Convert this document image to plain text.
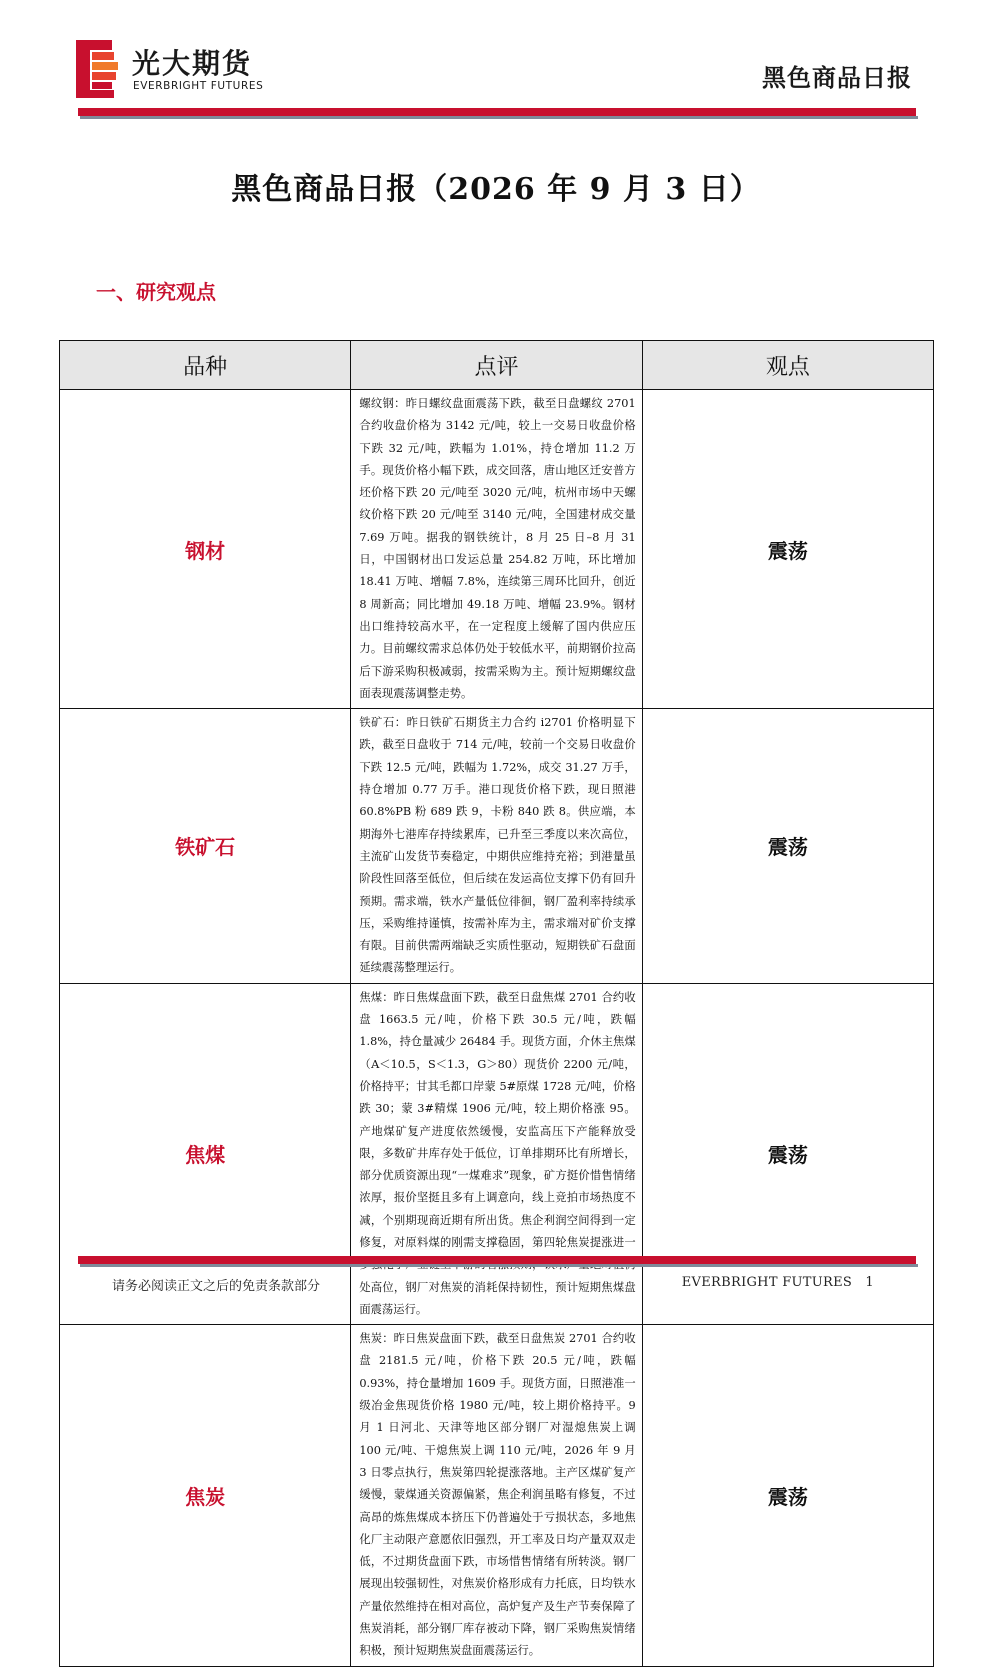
光大期货
EVERBRIGHT FUTURES	黑色商品日报
黑色商品日报（2026 年 9 月 3 日）
一、研究观点
品种	点评	观点
钢材	螺纹钢：昨日螺纹盘面震荡下跌，截至日盘螺纹 2701 合约收盘价格为 3142 元/吨，较上一交易日收盘价格下跌 32 元/吨，跌幅为 1.01%，持仓增加 11.2 万手。现货价格小幅下跌，成交回落，唐山地区迁安普方坯价格下跌 20 元/吨至 3020 元/吨，杭州市场中天螺纹价格下跌 20 元/吨至 3140 元/吨，全国建材成交量 7.69 万吨。据我的钢铁统计，8 月 25 日–8 月 31 日，中国钢材出口发运总量 254.82 万吨，环比增加 18.41 万吨、增幅 7.8%，连续第三周环比回升，创近 8 周新高；同比增加 49.18 万吨、增幅 23.9%。钢材出口维持较高水平，在一定程度上缓解了国内供应压力。目前螺纹需求总体仍处于较低水平，前期钢价拉高后下游采购积极减弱，按需采购为主。预计短期螺纹盘面表现震荡调整走势。	震荡
铁矿石	铁矿石：昨日铁矿石期货主力合约 i2701 价格明显下跌，截至日盘收于 714 元/吨，较前一个交易日收盘价下跌 12.5 元/吨，跌幅为 1.72%，成交 31.27 万手，持仓增加 0.77 万手。港口现货价格下跌，现日照港 60.8%PB 粉 689 跌 9，卡粉 840 跌 8。供应端，本期海外七港库存持续累库，已升至三季度以来次高位，主流矿山发货节奏稳定，中期供应维持充裕；到港量虽阶段性回落至低位，但后续在发运高位支撑下仍有回升预期。需求端，铁水产量低位徘徊，钢厂盈利率持续承压，采购维持谨慎，按需补库为主，需求端对矿价支撑有限。目前供需两端缺乏实质性驱动，短期铁矿石盘面延续震荡整理运行。	震荡
焦煤	焦煤：昨日焦煤盘面下跌，截至日盘焦煤 2701 合约收盘 1663.5 元/吨，价格下跌 30.5 元/吨，跌幅 1.8%，持仓量减少 26484 手。现货方面，介休主焦煤（A＜10.5，S＜1.3，G＞80）现货价 2200 元/吨，价格持平；甘其毛都口岸蒙 5#原煤 1728 元/吨，价格跌 30；蒙 3#精煤 1906 元/吨，较上期价格涨 95。产地煤矿复产进度依然缓慢，安监高压下产能释放受限，多数矿井库存处于低位，订单排期环比有所增长，部分优质资源出现“一煤难求”现象，矿方挺价惜售情绪浓厚，报价坚挺且多有上调意向，线上竞拍市场热度不减，个别期现商近期有所出货。焦企利润空间得到一定修复，对原料煤的刚需支撑稳固，第四轮焦炭提涨进一 处高位，钢厂对焦炭的消耗保持韧性，预计短期焦煤盘面震荡运行。	震荡
焦炭	焦炭：昨日焦炭盘面下跌，截至日盘焦炭 2701 合约收盘 2181.5 元/吨，价格下跌 20.5 元/吨，跌幅 0.93%，持仓量增加 1609 手。现货方面，日照港准一级冶金焦现货价格 1980 元/吨，较上期价格持平。9 月 1 日河北、天津等地区部分钢厂对湿熄焦炭上调 100 元/吨、干熄焦炭上调 110 元/吨，2026 年 9 月 3 日零点执行，焦炭第四轮提涨落地。主产区煤矿复产缓慢，蒙煤通关资源偏紧，焦企利润虽略有修复，不过高昂的炼焦煤成本挤压下仍普遍处于亏损状态，多地焦化厂主动限产意愿依旧强烈，开工率及日均产量双双走低，不过期货盘面下跌，市场惜售情绪有所转淡。钢厂展现出较强韧性，对焦炭价格形成有力托底，日均铁水产量依然维持在相对高位，高炉复产及生产节奏保障了焦炭消耗，部分钢厂库存被动下降，钢厂采购焦炭情绪积极，预计短期焦炭盘面震荡运行。	震荡
请务必阅读正文之后的免责条款部分	EVERBRIGHT FUTURES 1
